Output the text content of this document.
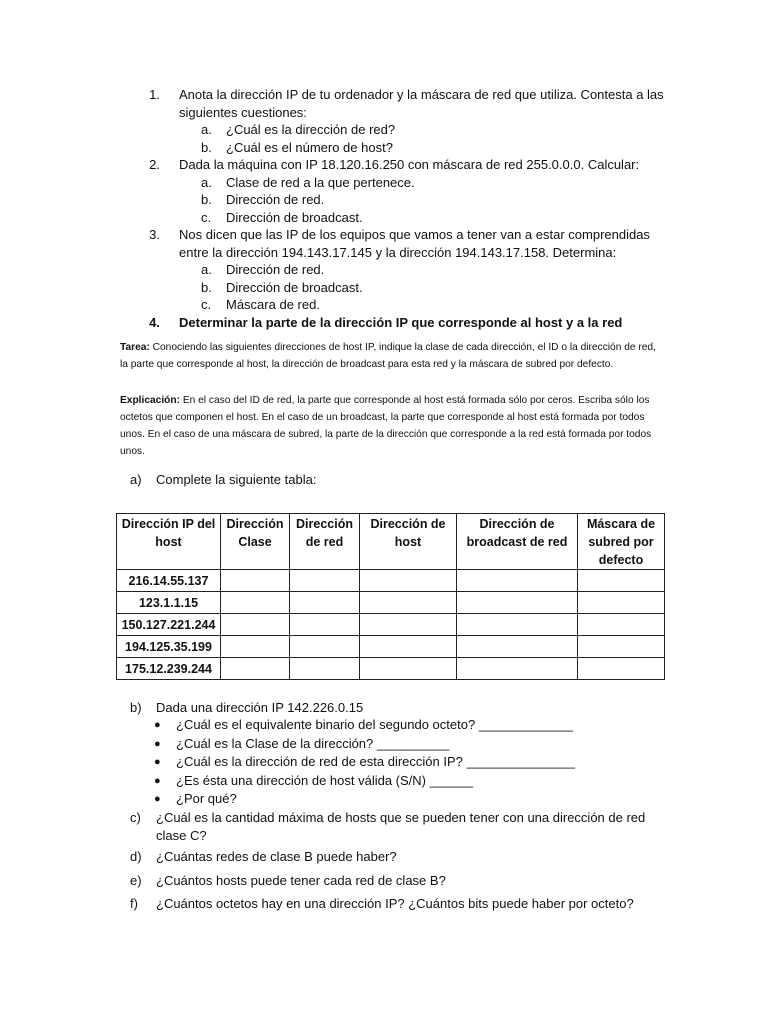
1.	Anota la dirección IP de tu ordenador y la máscara de red que utiliza. Contesta a las siguientes cuestiones:
a.	¿Cuál es la dirección de red?
b.	¿Cuál es el número de host?
2.	Dada la máquina con IP 18.120.16.250 con máscara de red 255.0.0.0. Calcular:
a.	Clase de red a la que pertenece.
b.	Dirección de red.
c.	Dirección de broadcast.
3.	Nos dicen que las IP de los equipos que vamos a tener van a estar comprendidas entre la dirección 194.143.17.145 y la dirección 194.143.17.158. Determina:
a.	Dirección de red.
b.	Dirección de broadcast.
c.	Máscara de red.
4.	Determinar la parte de la dirección IP que corresponde al host y a la red
Tarea: Conociendo las siguientes direcciones de host IP, indique la clase de cada dirección, el ID o la dirección de red, la parte que corresponde al host, la dirección de broadcast para esta red y la máscara de subred por defecto.
Explicación: En el caso del ID de red, la parte que corresponde al host está formada sólo por ceros. Escriba sólo los octetos que componen el host. En el caso de un broadcast, la parte que corresponde al host está formada por todos unos. En el caso de una máscara de subred, la parte de la dirección que corresponde a la red está formada por todos unos.
a)	Complete la siguiente tabla:
Dirección IP del host	Dirección Clase	Dirección de red	Dirección de host	Dirección de broadcast de red	Máscara de subred por defecto
216.14.55.137					
123.1.1.15					
150.127.221.244					
194.125.35.199					
175.12.239.244					
b)	Dada una dirección IP 142.226.0.15
●	¿Cuál es el equivalente binario del segundo octeto? _____________
●	¿Cuál es la Clase de la dirección? __________
●	¿Cuál es la dirección de red de esta dirección IP? _______________
●	¿Es ésta una dirección de host válida (S/N) ______
●	¿Por qué?
c)	¿Cuál es la cantidad máxima de hosts que se pueden tener con una dirección de red clase C?
d)	¿Cuántas redes de clase B puede haber?
e)	¿Cuántos hosts puede tener cada red de clase B?
f)	¿Cuántos octetos hay en una dirección IP? ¿Cuántos bits puede haber por octeto?
